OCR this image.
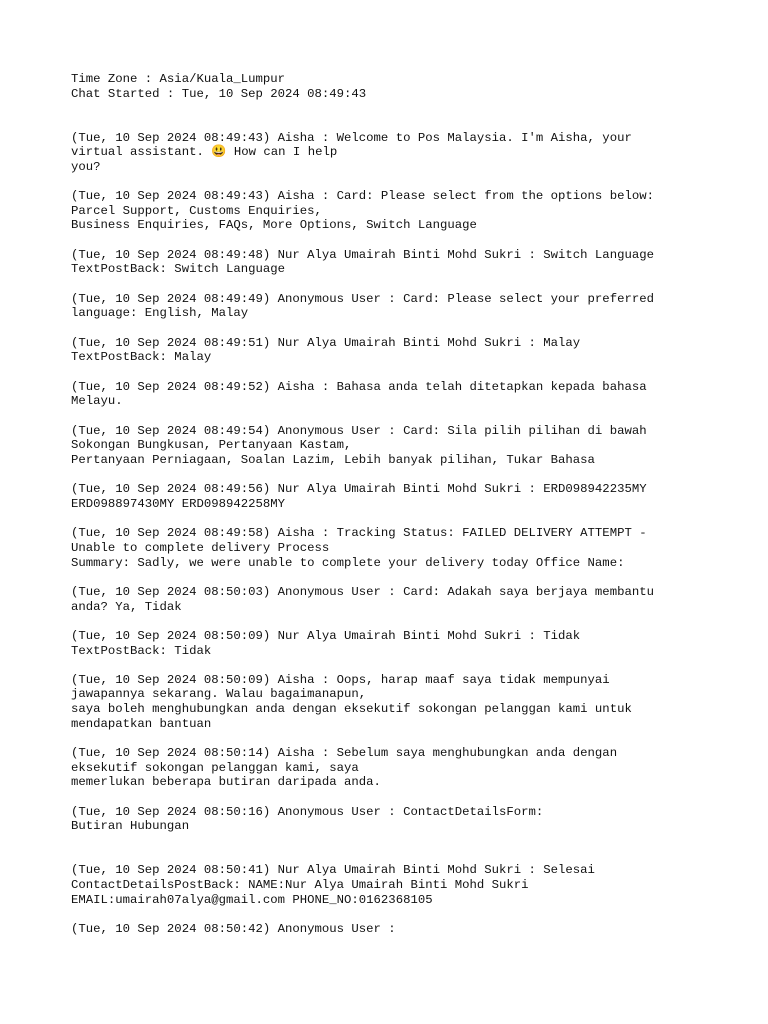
Time Zone : Asia/Kuala_Lumpur
Chat Started : Tue, 10 Sep 2024 08:49:43
(Tue, 10 Sep 2024 08:49:43) Aisha : Welcome to Pos Malaysia. I'm Aisha, your
virtual assistant. 😃 How can I help
you?
(Tue, 10 Sep 2024 08:49:43) Aisha : Card: Please select from the options below:
Parcel Support, Customs Enquiries,
Business Enquiries, FAQs, More Options, Switch Language
(Tue, 10 Sep 2024 08:49:48) Nur Alya Umairah Binti Mohd Sukri : Switch Language
TextPostBack: Switch Language
(Tue, 10 Sep 2024 08:49:49) Anonymous User : Card: Please select your preferred
language: English, Malay
(Tue, 10 Sep 2024 08:49:51) Nur Alya Umairah Binti Mohd Sukri : Malay
TextPostBack: Malay
(Tue, 10 Sep 2024 08:49:52) Aisha : Bahasa anda telah ditetapkan kepada bahasa
Melayu.
(Tue, 10 Sep 2024 08:49:54) Anonymous User : Card: Sila pilih pilihan di bawah
Sokongan Bungkusan, Pertanyaan Kastam,
Pertanyaan Perniagaan, Soalan Lazim, Lebih banyak pilihan, Tukar Bahasa
(Tue, 10 Sep 2024 08:49:56) Nur Alya Umairah Binti Mohd Sukri : ERD098942235MY
ERD098897430MY ERD098942258MY
(Tue, 10 Sep 2024 08:49:58) Aisha : Tracking Status: FAILED DELIVERY ATTEMPT -
Unable to complete delivery Process
Summary: Sadly, we were unable to complete your delivery today Office Name:
(Tue, 10 Sep 2024 08:50:03) Anonymous User : Card: Adakah saya berjaya membantu
anda? Ya, Tidak
(Tue, 10 Sep 2024 08:50:09) Nur Alya Umairah Binti Mohd Sukri : Tidak
TextPostBack: Tidak
(Tue, 10 Sep 2024 08:50:09) Aisha : Oops, harap maaf saya tidak mempunyai
jawapannya sekarang. Walau bagaimanapun,
saya boleh menghubungkan anda dengan eksekutif sokongan pelanggan kami untuk
mendapatkan bantuan
(Tue, 10 Sep 2024 08:50:14) Aisha : Sebelum saya menghubungkan anda dengan
eksekutif sokongan pelanggan kami, saya
memerlukan beberapa butiran daripada anda.
(Tue, 10 Sep 2024 08:50:16) Anonymous User : ContactDetailsForm:
Butiran Hubungan
(Tue, 10 Sep 2024 08:50:41) Nur Alya Umairah Binti Mohd Sukri : Selesai
ContactDetailsPostBack: NAME:Nur Alya Umairah Binti Mohd Sukri
EMAIL:umairah07alya@gmail.com PHONE_NO:0162368105
(Tue, 10 Sep 2024 08:50:42) Anonymous User :
